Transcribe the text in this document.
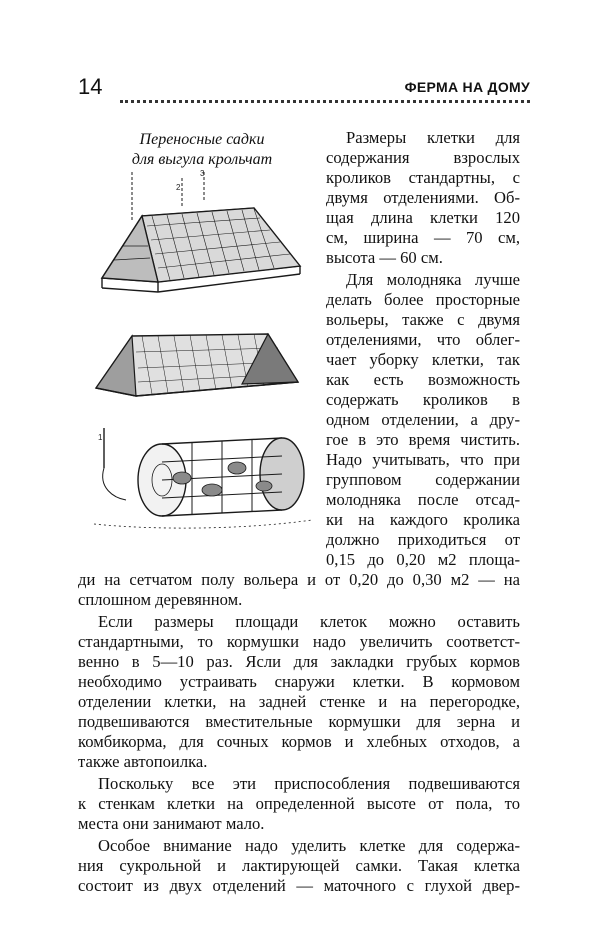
14	ФЕРМА НА ДОМУ
Переносные садки
для выгула крольчат
2
3
1
Размеры клетки для
содержания взрослых
кроликов стандартны, с
двумя отделениями. Об-
щая длина клетки 120
см, ширина — 70 см,
высота — 60 см.
Для молодняка лучше
делать более просторные
вольеры, также с двумя
отделениями, что облег-
чает уборку клетки, так
как есть возможность
содержать кроликов в
одном отделении, а дру-
гое в это время чистить.
Надо учитывать, что при
групповом содержании
молодняка после отсад-
ки на каждого кролика
должно приходиться от
0,15 до 0,20 м2 площа-
ди на сетчатом полу вольера и от 0,20 до 0,30 м2 — на
сплошном деревянном.
Если размеры площади клеток можно оставить
стандартными, то кормушки надо увеличить соответст-
венно в 5—10 раз. Ясли для закладки грубых кормов
необходимо устраивать снаружи клетки. В кормовом
отделении клетки, на задней стенке и на перегородке,
подвешиваются вместительные кормушки для зерна и
комбикорма, для сочных кормов и хлебных отходов, а
также автопоилка.
Поскольку все эти приспособления подвешиваются
к стенкам клетки на определенной высоте от пола, то
места они занимают мало.
Особое внимание надо уделить клетке для содержа-
ния сукрольной и лактирующей самки. Такая клетка
состоит из двух отделений — маточного с глухой двер-
